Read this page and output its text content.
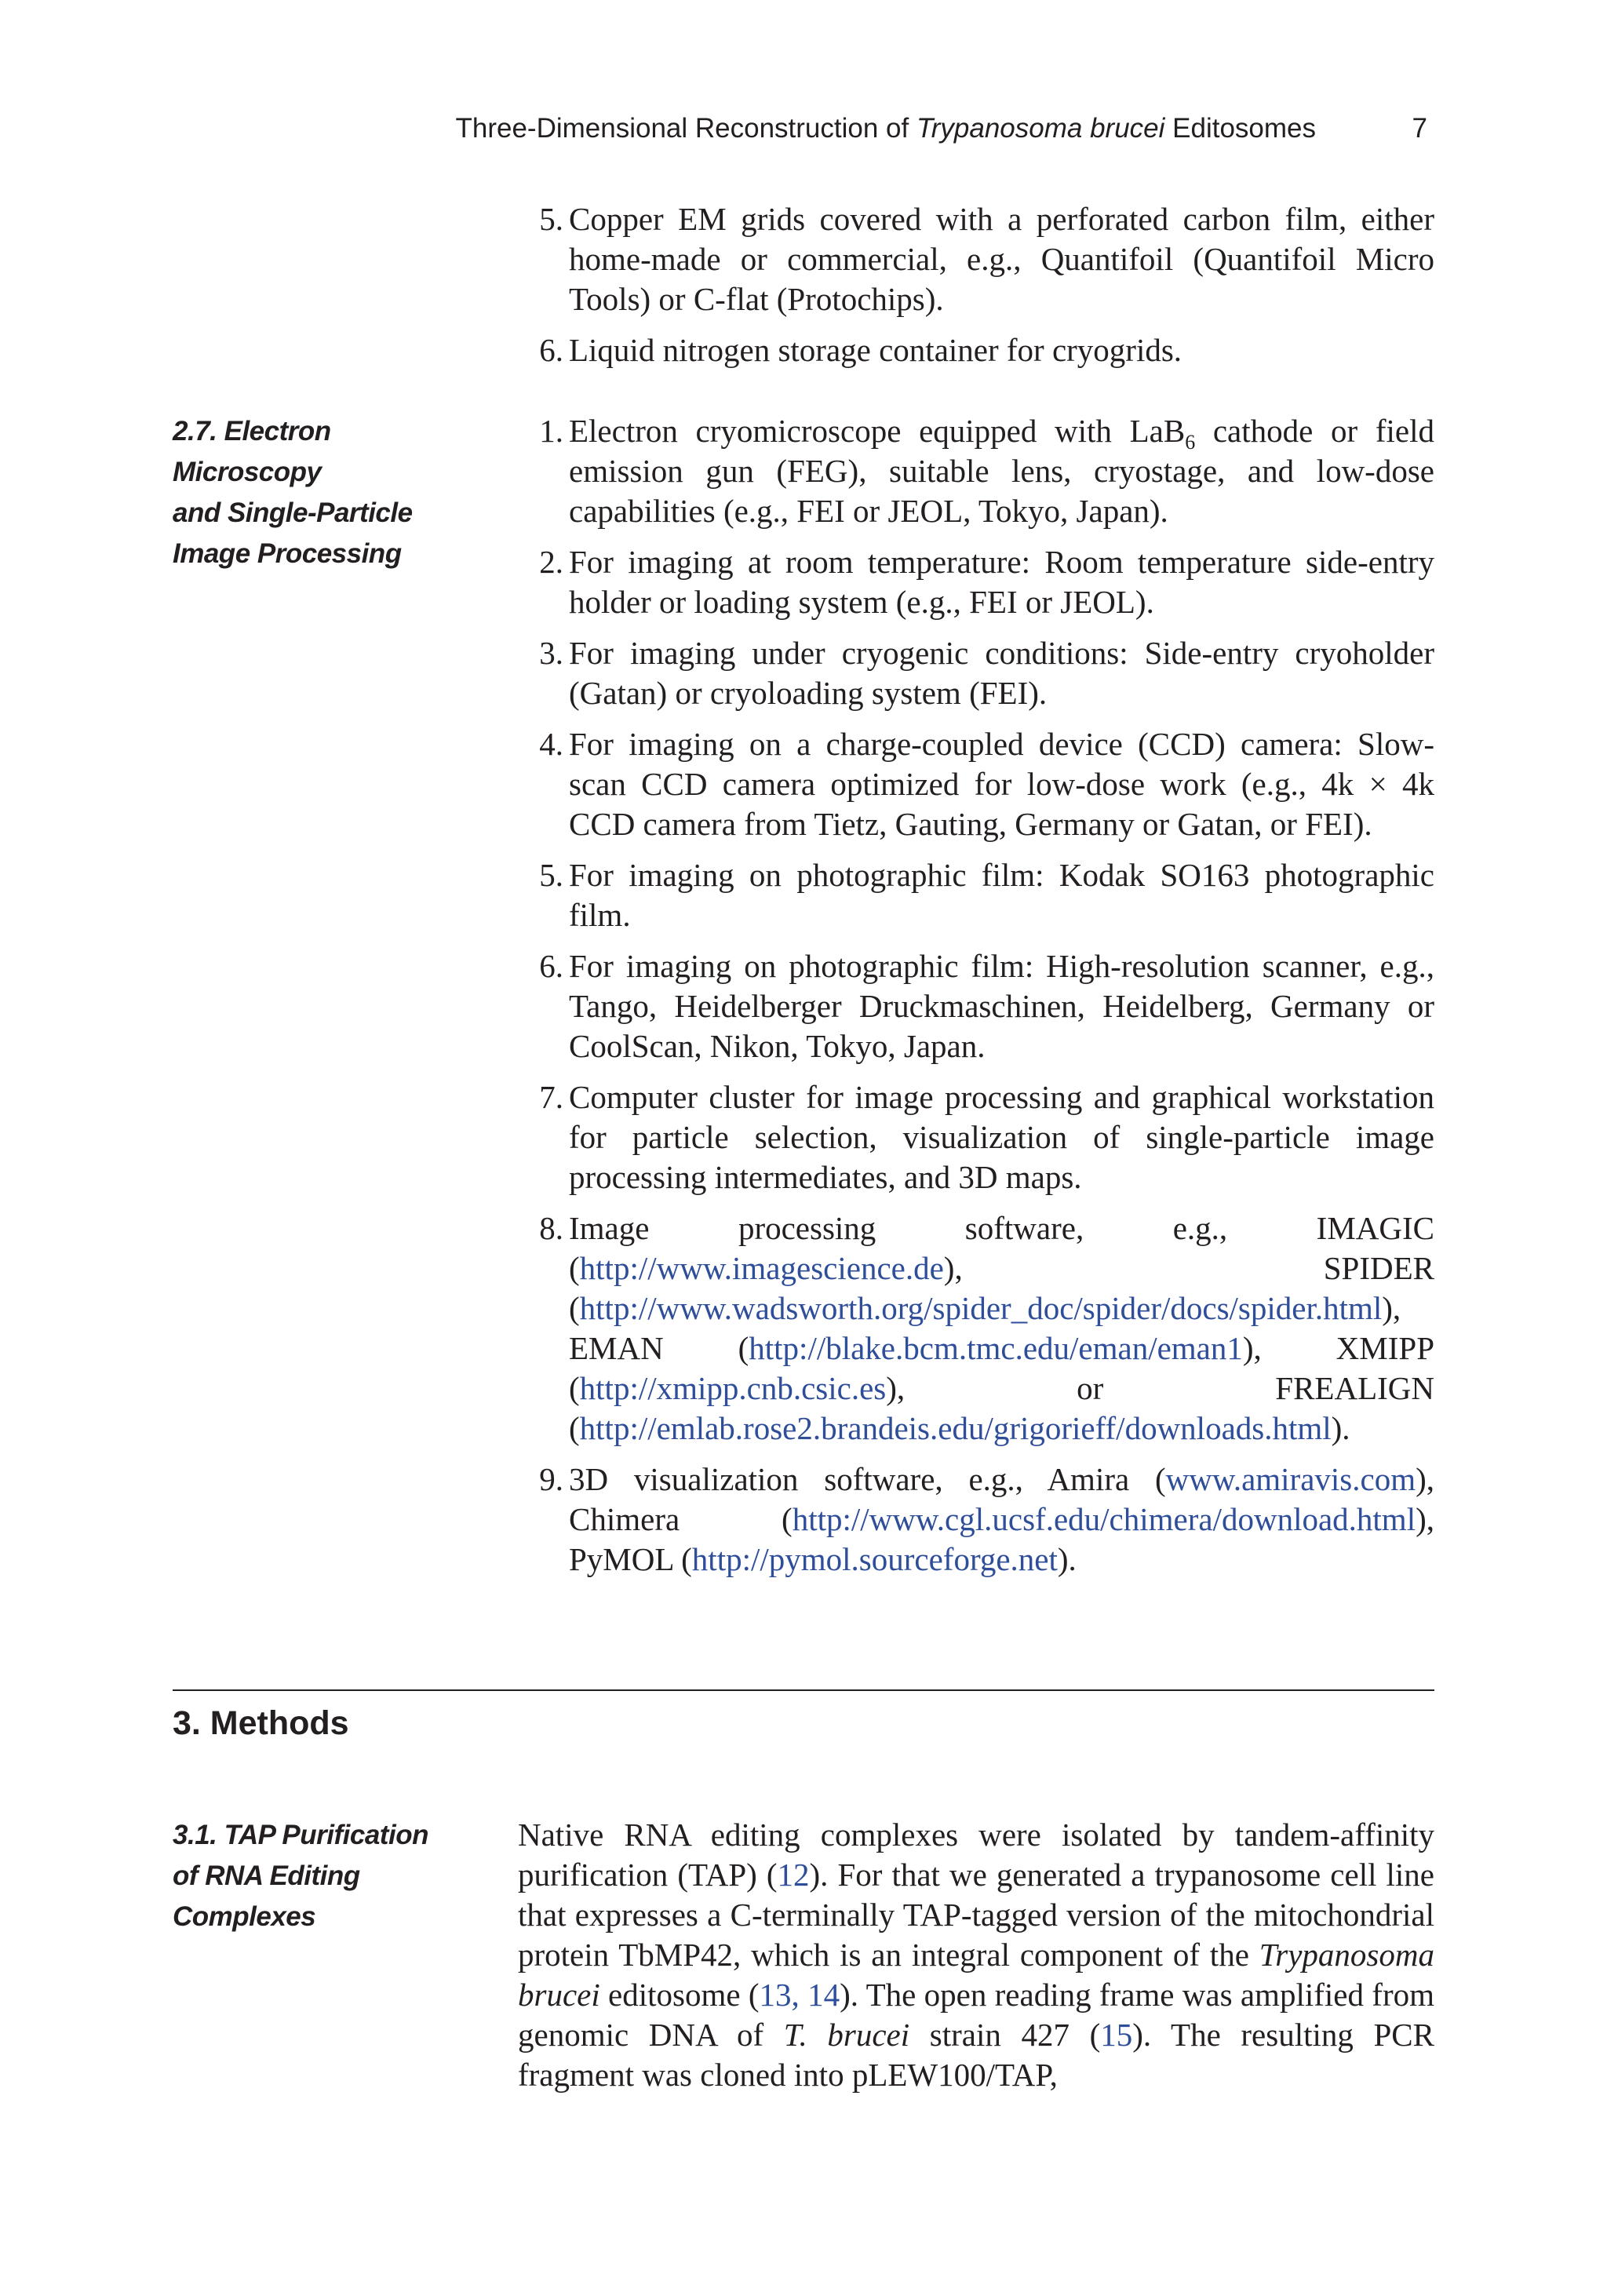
Three-Dimensional Reconstruction of Trypanosoma brucei Editosomes	7
5. Copper EM grids covered with a perforated carbon film, either home-made or commercial, e.g., Quantifoil (Quantifoil Micro Tools) or C-flat (Protochips).
6. Liquid nitrogen storage container for cryogrids.
2.7. Electron
Microscopy
and Single-Particle
Image Processing
1. Electron cryomicroscope equipped with LaB$_6$ cathode or field emission gun (FEG), suitable lens, cryostage, and low-dose capabilities (e.g., FEI or JEOL, Tokyo, Japan).
2. For imaging at room temperature: Room temperature side-entry holder or loading system (e.g., FEI or JEOL).
3. For imaging under cryogenic conditions: Side-entry cryoholder (Gatan) or cryoloading system (FEI).
4. For imaging on a charge-coupled device (CCD) camera: Slow-scan CCD camera optimized for low-dose work (e.g., 4k × 4k CCD camera from Tietz, Gauting, Germany or Gatan, or FEI).
5. For imaging on photographic film: Kodak SO163 photographic film.
6. For imaging on photographic film: High-resolution scanner, e.g., Tango, Heidelberger Druckmaschinen, Heidelberg, Germany or CoolScan, Nikon, Tokyo, Japan.
7. Computer cluster for image processing and graphical workstation for particle selection, visualization of single-particle image processing intermediates, and 3D maps.
8. Image processing software, e.g., IMAGIC (http://www.imagescience.de), SPIDER (http://www.wadsworth.org/spider_doc/spider/docs/spider.html), EMAN (http://blake.bcm.tmc.edu/eman/eman1), XMIPP (http://xmipp.cnb.csic.es), or FREALIGN (http://emlab.rose2.brandeis.edu/grigorieff/downloads.html).
9. 3D visualization software, e.g., Amira (www.amiravis.com), Chimera (http://www.cgl.ucsf.edu/chimera/download.html), PyMOL (http://pymol.sourceforge.net).
3. Methods
3.1. TAP Purification
of RNA Editing
Complexes

Native RNA editing complexes were isolated by tandem-affinity purification (TAP) (12). For that we generated a trypanosome cell line that expresses a C-terminally TAP-tagged version of the mitochondrial protein TbMP42, which is an integral component of the Trypanosoma brucei editosome (13, 14). The open reading frame was amplified from genomic DNA of T. brucei strain 427 (15). The resulting PCR fragment was cloned into pLEW100/TAP,
